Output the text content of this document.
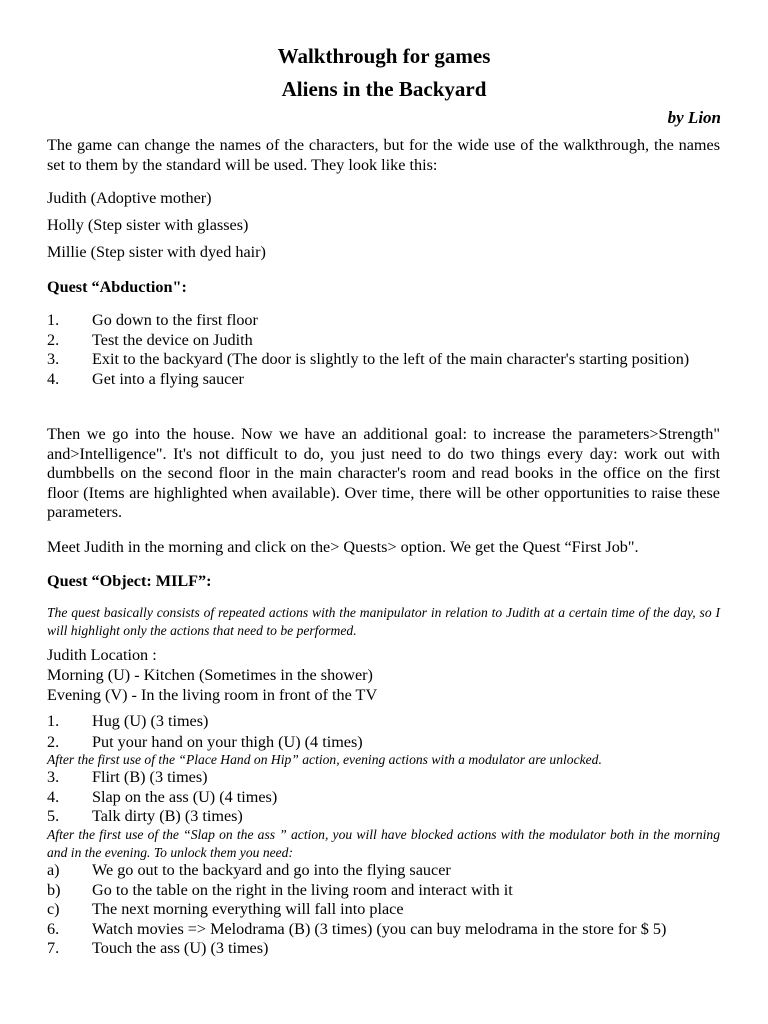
Walkthrough for games
Aliens in the Backyard
by Lion

The game can change the names of the characters, but for the wide use of the walkthrough, the names set to them by the standard will be used. They look like this:

Judith (Adoptive mother)

Holly (Step sister with glasses)

Millie (Step sister with dyed hair)

Quest “Abduction":

1. Go down to the first floor
2. Test the device on Judith
3. Exit to the backyard (The door is slightly to the left of the main character's starting position)
4. Get into a flying saucer

Then we go into the house. Now we have an additional goal: to increase the parameters>Strength" and>Intelligence". It's not difficult to do, you just need to do two things every day: work out with dumbbells on the second floor in the main character's room and read books in the office on the first floor (Items are highlighted when available). Over time, there will be other opportunities to raise these parameters.

Meet Judith in the morning and click on the> Quests> option. We get the Quest “First Job".

Quest “Object: MILF”:

The quest basically consists of repeated actions with the manipulator in relation to Judith at a certain time of the day, so I will highlight only the actions that need to be performed.

Judith Location :

Morning (U) - Kitchen (Sometimes in the shower)

Evening (V) - In the living room in front of the TV

1. Hug (U) (3 times)
2. Put your hand on your thigh (U) (4 times)

After the first use of the “Place Hand on Hip” action, evening actions with a modulator are unlocked.

3. Flirt (B) (3 times)
4. Slap on the ass (U) (4 times)
5. Talk dirty (B) (3 times)

After the first use of the “Slap on the ass ” action, you will have blocked actions with the modulator both in the morning and in the evening. To unlock them you need:

a) We go out to the backyard and go into the flying saucer
b) Go to the table on the right in the living room and interact with it
c) The next morning everything will fall into place
6. Watch movies => Melodrama (B) (3 times) (you can buy melodrama in the store for $ 5)
7. Touch the ass (U) (3 times)
